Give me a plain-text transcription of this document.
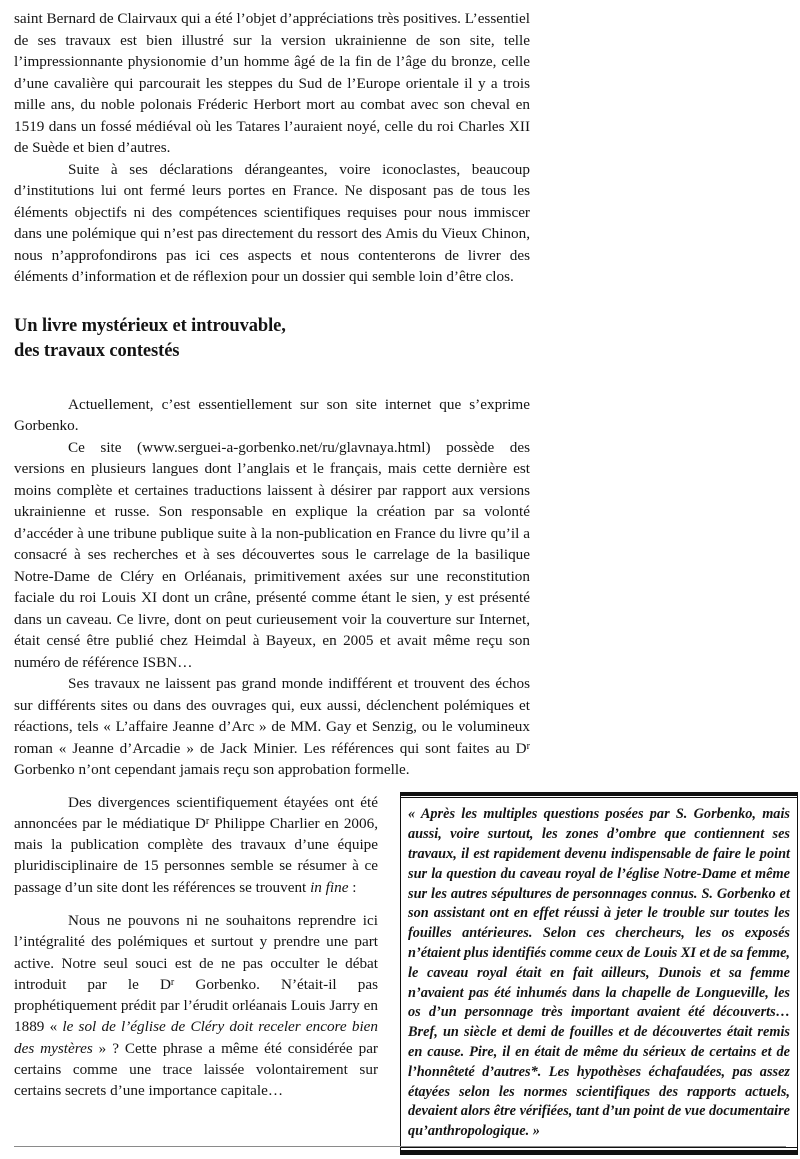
saint Bernard de Clairvaux qui a été l’objet d’appréciations très positives. L’essentiel de ses travaux est bien illustré sur la version ukrainienne de son site, telle l’impressionnante physionomie d’un homme âgé de la fin de l’âge du bronze, celle d’une cavalière qui parcourait les steppes du Sud de l’Europe orientale il y a trois mille ans, du noble polonais Fréderic Herbort mort au combat avec son cheval en 1519 dans un fossé médiéval où les Tatares l’auraient noyé, celle du roi Charles XII de Suède et bien d’autres.

Suite à ses déclarations dérangeantes, voire iconoclastes, beaucoup d’institutions lui ont fermé leurs portes en France. Ne disposant pas de tous les éléments objectifs ni des compétences scientifiques requises pour nous immiscer dans une polémique qui n’est pas directement du ressort des Amis du Vieux Chinon, nous n’approfondirons pas ici ces aspects et nous contenterons de livrer des éléments d’information et de réflexion pour un dossier qui semble loin d’être clos.

Un livre mystérieux et introuvable,
des travaux contestés

Actuellement, c’est essentiellement sur son site internet que s’exprime Gorbenko.

Ce site (www.serguei-a-gorbenko.net/ru/glavnaya.html) possède des versions en plusieurs langues dont l’anglais et le français, mais cette dernière est moins complète et certaines traductions laissent à désirer par rapport aux versions ukrainienne et russe. Son responsable en explique la création par sa volonté d’accéder à une tribune publique suite à la non-publication en France du livre qu’il a consacré à ses recherches et à ses découvertes sous le carrelage de la basilique Notre-Dame de Cléry en Orléanais, primitivement axées sur une reconstitution faciale du roi Louis XI dont un crâne, présenté comme étant le sien, y est présenté dans un caveau. Ce livre, dont on peut curieusement voir la couverture sur Internet, était censé être publié chez Heimdal à Bayeux, en 2005 et avait même reçu son numéro de référence ISBN…

Ses travaux ne laissent pas grand monde indifférent et trouvent des échos sur différents sites ou dans des ouvrages qui, eux aussi, déclenchent polémiques et réactions, tels « L’affaire Jeanne d’Arc » de MM. Gay et Senzig, ou le volumineux roman « Jeanne d’Arcadie » de Jack Minier. Les références qui sont faites au $D^r$ Gorbenko n’ont cependant jamais reçu son approbation formelle.

Des divergences scientifiquement étayées ont été annoncées par le médiatique $D^r$ Philippe Charlier en 2006, mais la publication complète des travaux d’une équipe pluridisciplinaire de 15 personnes semble se résumer à ce passage d’un site dont les références se trouvent in fine :

Nous ne pouvons ni ne souhaitons reprendre ici l’intégralité des polémiques et surtout y prendre une part active. Notre seul souci est de ne pas occulter le débat introduit par le $D^r$ Gorbenko. N’était-il pas prophétiquement prédit par l’érudit orléanais Louis Jarry en 1889 « le sol de l’église de Cléry doit receler encore bien des mystères » ? Cette phrase a même été considérée par certains comme une trace laissée volontairement sur certains secrets d’une importance capitale…

« Après les multiples questions posées par S. Gorbenko, mais aussi, voire surtout, les zones d’ombre que contiennent ses travaux, il est rapidement devenu indispensable de faire le point sur la question du caveau royal de l’église Notre-Dame et même sur les autres sépultures de personnages connus. S. Gorbenko et son assistant ont en effet réussi à jeter le trouble sur toutes les fouilles antérieures. Selon ces chercheurs, les os exposés n’étaient plus identifiés comme ceux de Louis XI et de sa femme, le caveau royal était en fait ailleurs, Dunois et sa femme n’avaient pas été inhumés dans la chapelle de Longueville, les os d’un personnage très important avaient été découverts… Bref, un siècle et demi de fouilles et de découvertes était remis en cause. Pire, il en était de même du sérieux de certains et de l’honnêteté d’autres*. Les hypothèses échafaudées, pas assez étayées selon les normes scientifiques des rapports actuels, devaient alors être vérifiées, tant d’un point de vue documentaire qu’anthropologique. »
